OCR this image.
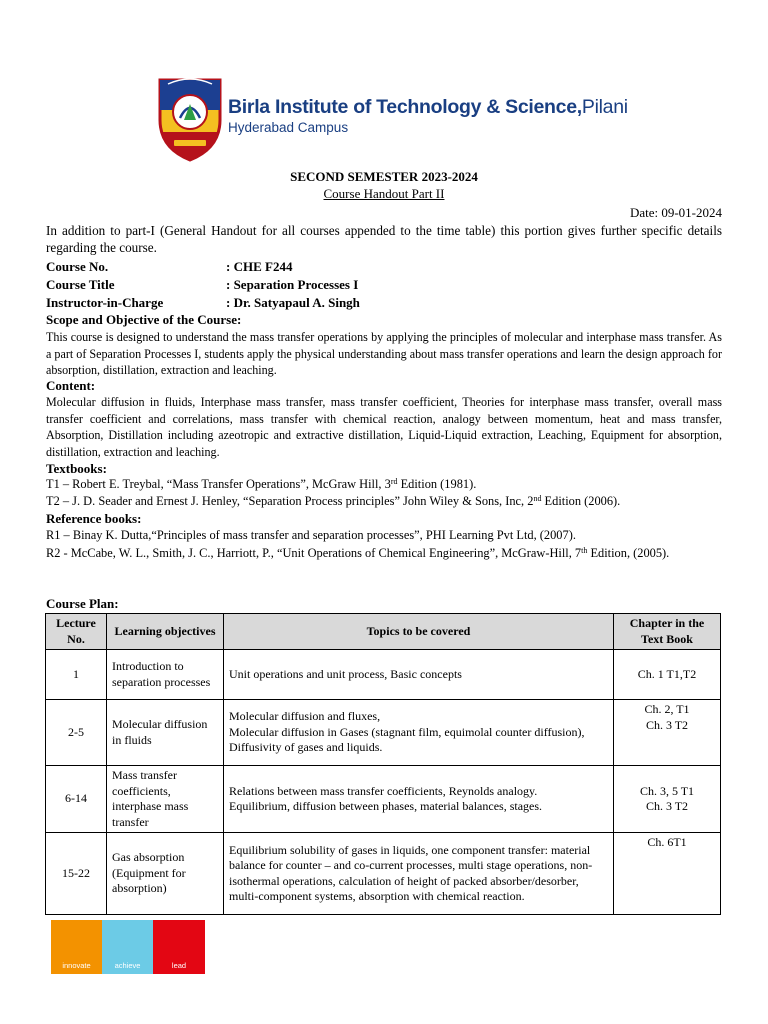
Birla Institute of Technology & Science,Pilani
Hyderabad Campus
SECOND SEMESTER 2023-2024
Course Handout Part II
Date: 09-01-2024
In addition to part-I (General Handout for all courses appended to the time table) this portion gives further specific details regarding the course.
Course No.	: CHE F244
Course Title	: Separation Processes I
Instructor-in-Charge	: Dr. Satyapaul A. Singh
Scope and Objective of the Course:
This course is designed to understand the mass transfer operations by applying the principles of molecular and interphase mass transfer. As a part of Separation Processes I, students apply the physical understanding about mass transfer operations and learn the design approach for absorption, distillation, extraction and leaching.
Content:
Molecular diffusion in fluids, Interphase mass transfer, mass transfer coefficient, Theories for interphase mass transfer, overall mass transfer coefficient and correlations, mass transfer with chemical reaction, analogy between momentum, heat and mass transfer, Absorption, Distillation including azeotropic and extractive distillation, Liquid-Liquid extraction, Leaching, Equipment for absorption, distillation, extraction and leaching.
Textbooks:
T1 – Robert E. Treybal, “Mass Transfer Operations”, McGraw Hill, 3rd Edition (1981).
T2 – J. D. Seader and Ernest J. Henley, “Separation Process principles” John Wiley & Sons, Inc, 2nd Edition (2006).
Reference books:
R1 – Binay K. Dutta,“Principles of mass transfer and separation processes”, PHI Learning Pvt Ltd, (2007).
R2 - McCabe, W. L., Smith, J. C., Harriott, P., “Unit Operations of Chemical Engineering”, McGraw-Hill, 7th Edition, (2005).
Course Plan:
Lecture No.	Learning objectives	Topics to be covered	Chapter in the Text Book
1	Introduction to separation processes	Unit operations and unit process, Basic concepts	Ch. 1 T1,T2
2-5	Molecular diffusion in fluids	Molecular diffusion and fluxes,
Molecular diffusion in Gases (stagnant film, equimolal counter diffusion), Diffusivity of gases and liquids.	Ch. 2, T1
Ch. 3 T2
6-14	Mass transfer coefficients, interphase mass transfer	Relations between mass transfer coefficients, Reynolds analogy.
Equilibrium, diffusion between phases, material balances, stages.	Ch. 3, 5 T1
Ch. 3 T2
15-22	Gas absorption (Equipment for absorption)	Equilibrium solubility of gases in liquids, one component transfer: material balance for counter – and co-current processes, multi stage operations, non-isothermal operations, calculation of height of packed absorber/desorber, multi-component systems, absorption with chemical reaction.	Ch. 6T1
innovate	achieve	lead
